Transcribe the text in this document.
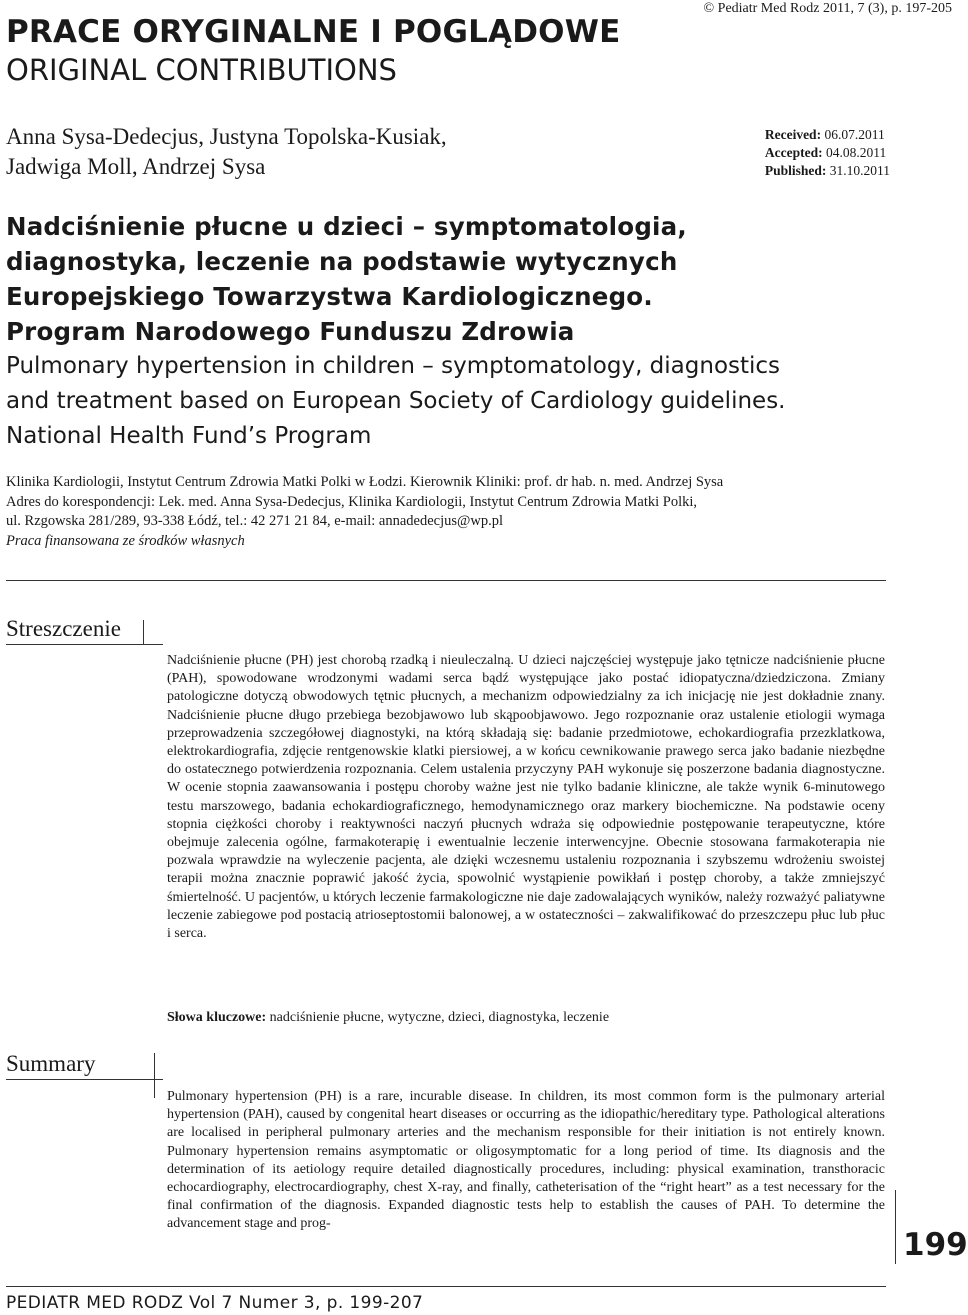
PRACE ORYGINALNE I POGLĄDOWE
ORIGINAL CONTRIBUTIONS
© Pediatr Med Rodz 2011, 7 (3), p. 197-205
Anna Sysa-Dedecjus, Justyna Topolska-Kusiak,
Jadwiga Moll, Andrzej Sysa
Received: 06.07.2011
Accepted: 04.08.2011
Published: 31.10.2011
Nadciśnienie płucne u dzieci – symptomatologia,
diagnostyka, leczenie na podstawie wytycznych
Europejskiego Towarzystwa Kardiologicznego.
Program Narodowego Funduszu Zdrowia
Pulmonary hypertension in children – symptomatology, diagnostics
and treatment based on European Society of Cardiology guidelines.
National Health Fund’s Program
Klinika Kardiologii, Instytut Centrum Zdrowia Matki Polki w Łodzi. Kierownik Kliniki: prof. dr hab. n. med. Andrzej Sysa
Adres do korespondencji: Lek. med. Anna Sysa-Dedecjus, Klinika Kardiologii, Instytut Centrum Zdrowia Matki Polki,
ul. Rzgowska 281/289, 93-338 Łódź, tel.: 42 271 21 84, e-mail: annadedecjus@wp.pl
Praca finansowana ze środków własnych
Streszczenie
Nadciśnienie płucne (PH) jest chorobą rzadką i nieuleczalną. U dzieci najczęściej występuje jako tętnicze nadciśnienie płucne (PAH), spowodowane wrodzonymi wadami serca bądź występujące jako postać idiopatyczna/dziedziczona. Zmiany patologiczne dotyczą obwodowych tętnic płucnych, a mechanizm odpowiedzialny za ich inicjację nie jest dokładnie znany. Nadciśnienie płucne długo przebiega bezobjawowo lub skąpoobjawowo. Jego rozpoznanie oraz ustalenie etiologii wymaga przeprowadzenia szczegółowej diagnostyki, na którą składają się: badanie przedmiotowe, echokardiografia przezklatkowa, elektrokardiografia, zdjęcie rentgenowskie klatki piersiowej, a w końcu cewnikowanie prawego serca jako badanie niezbędne do ostatecznego potwierdzenia rozpoznania. Celem ustalenia przyczyny PAH wykonuje się poszerzone badania diagnostyczne. W ocenie stopnia zaawansowania i postępu choroby ważne jest nie tylko badanie kliniczne, ale także wynik 6-minutowego testu marszowego, badania echokardiograficznego, hemodynamicznego oraz markery biochemiczne. Na podstawie oceny stopnia ciężkości choroby i reaktywności naczyń płucnych wdraża się odpowiednie postępowanie terapeutyczne, które obejmuje zalecenia ogólne, farmakoterapię i ewentualnie leczenie interwencyjne. Obecnie stosowana farmakoterapia nie pozwala wprawdzie na wyleczenie pacjenta, ale dzięki wczesnemu ustaleniu rozpoznania i szybszemu wdrożeniu swoistej terapii można znacznie poprawić jakość życia, spowolnić wystąpienie powikłań i postęp choroby, a także zmniejszyć śmiertelność. U pacjentów, u których leczenie farmakologiczne nie daje zadowalających wyników, należy rozważyć paliatywne leczenie zabiegowe pod postacią atrioseptostomii balonowej, a w ostateczności – zakwalifikować do przeszczepu płuc lub płuc i serca.
Słowa kluczowe: nadciśnienie płucne, wytyczne, dzieci, diagnostyka, leczenie
Summary
Pulmonary hypertension (PH) is a rare, incurable disease. In children, its most common form is the pulmonary arterial hypertension (PAH), caused by congenital heart diseases or occurring as the idiopathic/hereditary type. Pathological alterations are localised in peripheral pulmonary arteries and the mechanism responsible for their initiation is not entirely known. Pulmonary hypertension remains asymptomatic or oligosymptomatic for a long period of time. Its diagnosis and the determination of its aetiology require detailed diagnostically procedures, including: physical examination, transthoracic echocardiography, electrocardiography, chest X-ray, and finally, catheterisation of the “right heart” as a test necessary for the final confirmation of the diagnosis. Expanded diagnostic tests help to establish the causes of PAH. To determine the advancement stage and prog-
199
PEDIATR MED RODZ Vol 7 Numer 3, p. 199-207
